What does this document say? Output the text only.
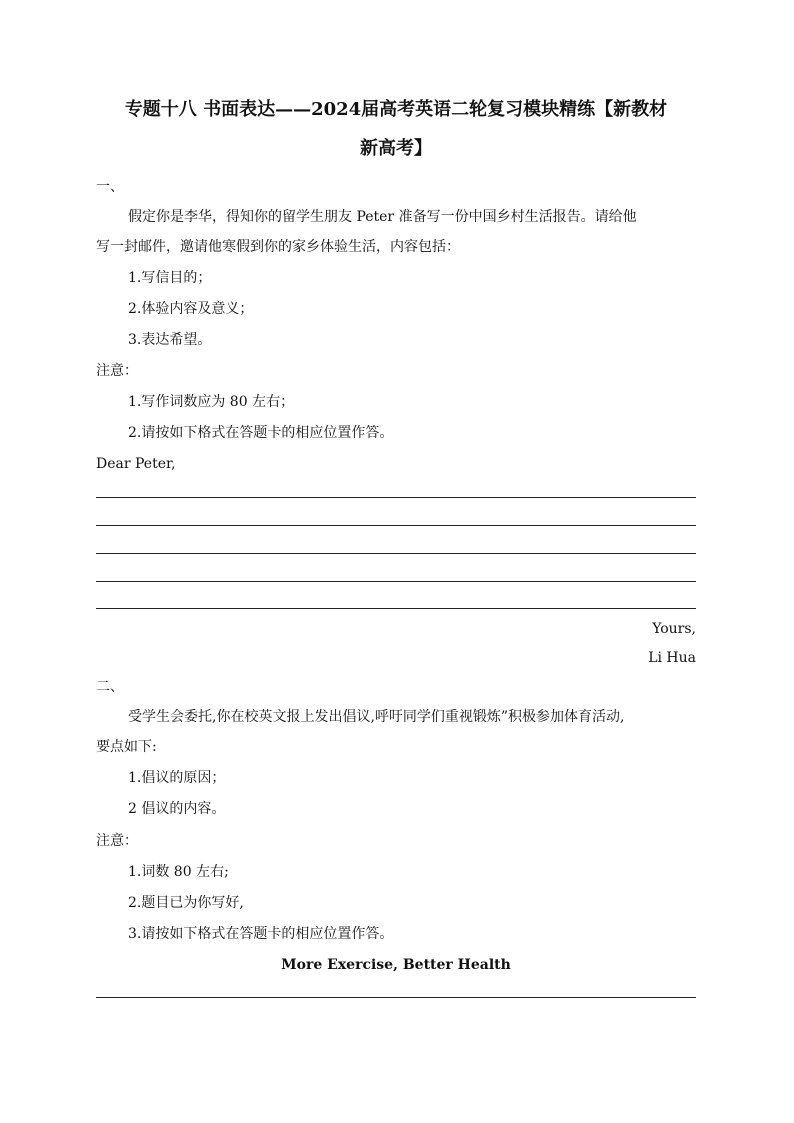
专题十八 书面表达——2024届高考英语二轮复习模块精练【新教材
新高考】
一、
假定你是李华，得知你的留学生朋友 Peter 准备写一份中国乡村生活报告。请给他
写一封邮件，邀请他寒假到你的家乡体验生活，内容包括：
1.写信目的；
2.体验内容及意义；
3.表达希望。
注意：
1.写作词数应为 80 左右；
2.请按如下格式在答题卡的相应位置作答。
Dear Peter,
Yours,
Li Hua
二、
受学生会委托,你在校英文报上发出倡议,呼吁同学们重视锻炼”积极参加体育活动,
要点如下:
1.倡议的原因；
2 倡议的内容。
注意：
1.词数 80 左右;
2.题目已为你写好,
3.请按如下格式在答题卡的相应位置作答。
More Exercise, Better Health
